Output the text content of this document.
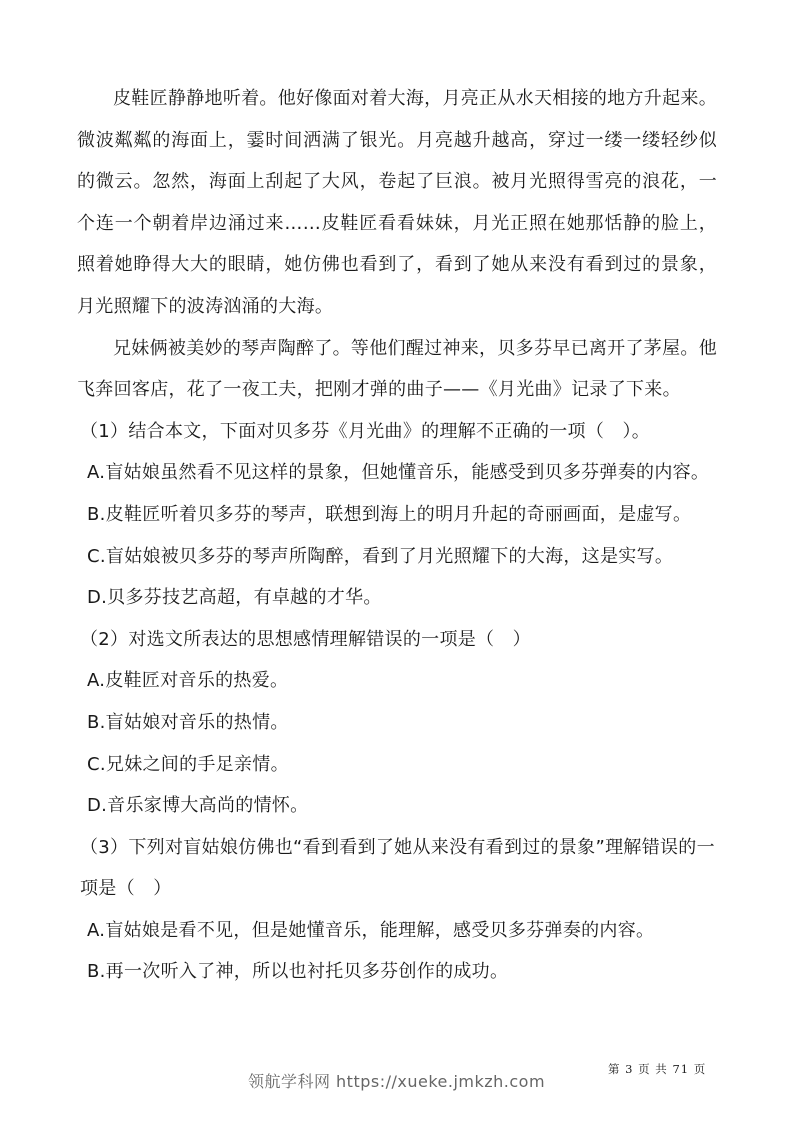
皮鞋匠静静地听着。他好像面对着大海，月亮正从水天相接的地方升起来。微波粼粼的海面上，霎时间洒满了银光。月亮越升越高，穿过一缕一缕轻纱似的微云。忽然，海面上刮起了大风，卷起了巨浪。被月光照得雪亮的浪花，一个连一个朝着岸边涌过来……皮鞋匠看看妹妹，月光正照在她那恬静的脸上，照着她睁得大大的眼睛，她仿佛也看到了，看到了她从来没有看到过的景象，月光照耀下的波涛汹涌的大海。

兄妹俩被美妙的琴声陶醉了。等他们醒过神来，贝多芬早已离开了茅屋。他飞奔回客店，花了一夜工夫，把刚才弹的曲子——《月光曲》记录了下来。

（1）结合本文，下面对贝多芬《月光曲》的理解不正确的一项（　）。

A.盲姑娘虽然看不见这样的景象，但她懂音乐，能感受到贝多芬弹奏的内容。

B.皮鞋匠听着贝多芬的琴声，联想到海上的明月升起的奇丽画面，是虚写。

C.盲姑娘被贝多芬的琴声所陶醉，看到了月光照耀下的大海，这是实写。

D.贝多芬技艺高超，有卓越的才华。

（2）对选文所表达的思想感情理解错误的一项是（　）

A.皮鞋匠对音乐的热爱。

B.盲姑娘对音乐的热情。

C.兄妹之间的手足亲情。

D.音乐家博大高尚的情怀。

（3）下列对盲姑娘仿佛也“看到看到了她从来没有看到过的景象”理解错误的一项是（　）

A.盲姑娘是看不见，但是她懂音乐，能理解，感受贝多芬弹奏的内容。

B.再一次听入了神，所以也衬托贝多芬创作的成功。

第 3 页 共 71 页
领航学科网 https://xueke.jmkzh.com
